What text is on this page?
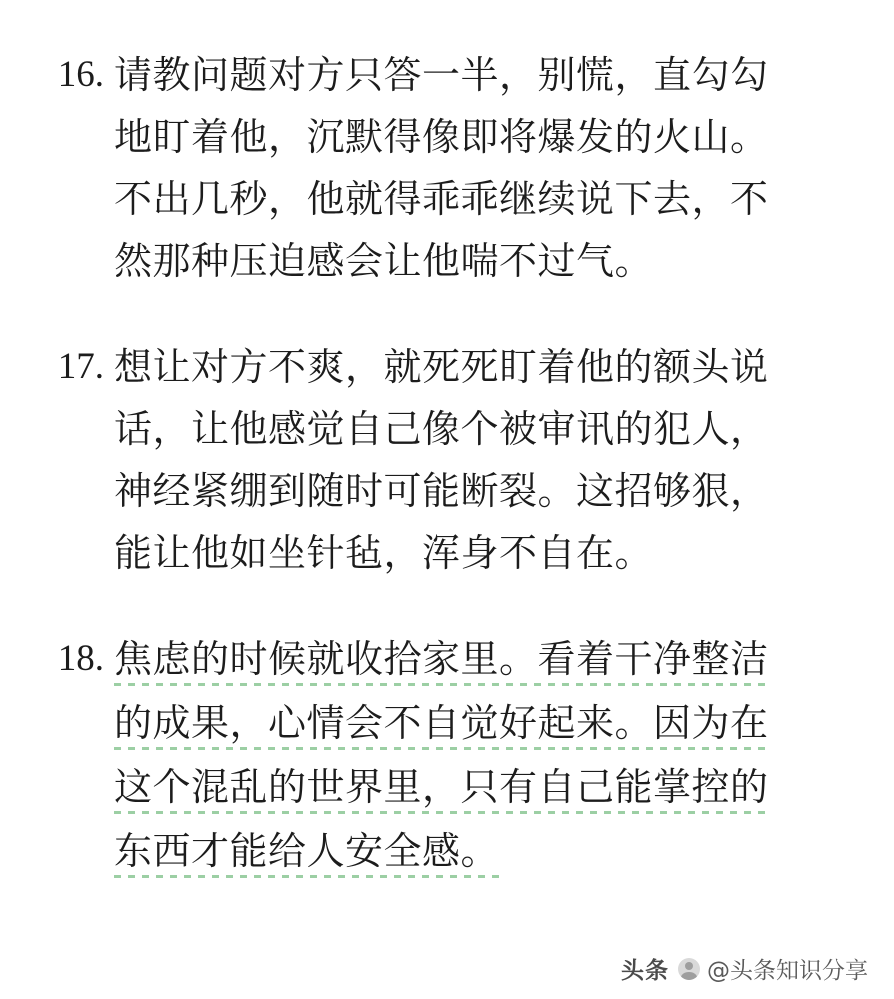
16. 请教问题对方只答一半，别慌，直勾勾
地盯着他，沉默得像即将爆发的火山。
不出几秒，他就得乖乖继续说下去，不
然那种压迫感会让他喘不过气。
17. 想让对方不爽，就死死盯着他的额头说
话，让他感觉自己像个被审讯的犯人，
神经紧绷到随时可能断裂。这招够狠，
能让他如坐针毡，浑身不自在。
18. 焦虑的时候就收拾家里。看着干净整洁 的成果，心情会不自觉好起来。因为在 这个混乱的世界里，只有自己能掌控的 东西才能给人安全感。
头条 @头条知识分享
